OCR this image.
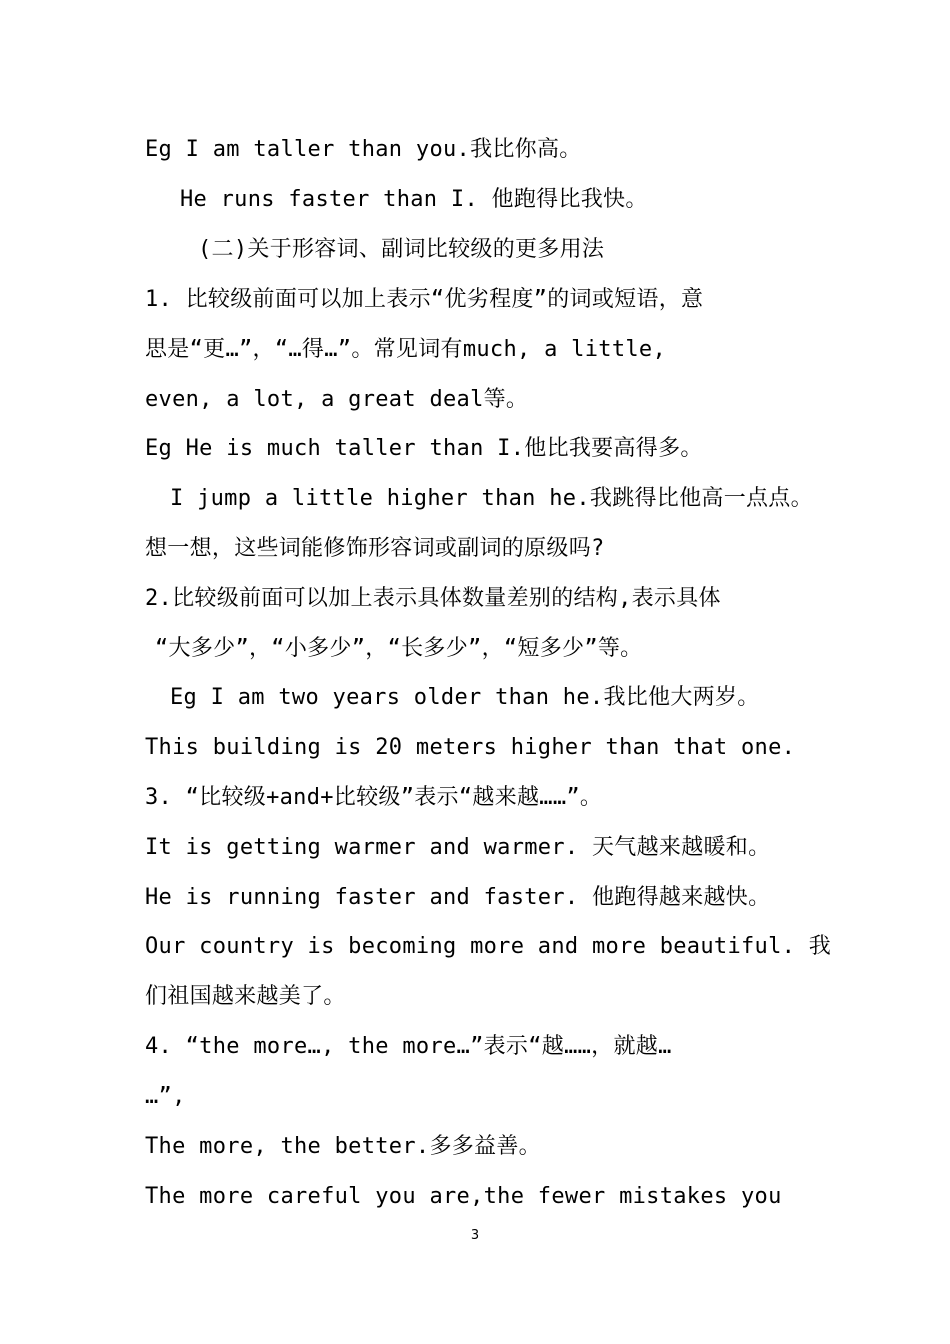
Eg I am taller than you.我比你高。
He runs faster than I. 他跑得比我快。
(二)关于形容词、副词比较级的更多用法
1. 比较级前面可以加上表示“优劣程度”的词或短语，意
思是“更…”，“…得…”。常见词有much, a little,
even, a lot, a great deal等。
Eg He is much taller than I.他比我要高得多。
I jump a little higher than he.我跳得比他高一点点。
想一想，这些词能修饰形容词或副词的原级吗?
2.比较级前面可以加上表示具体数量差别的结构,表示具体
“大多少”，“小多少”，“长多少”，“短多少”等。
Eg I am two years older than he.我比他大两岁。
This building is 20 meters higher than that one.
3. “比较级+and+比较级”表示“越来越……”。
It is getting warmer and warmer. 天气越来越暖和。
He is running faster and faster. 他跑得越来越快。
Our country is becoming more and more beautiful. 我
们祖国越来越美了。
4. “the more…, the more…”表示“越……，就越…
…”,
The more, the better.多多益善。
The more careful you are,the fewer mistakes you
3
